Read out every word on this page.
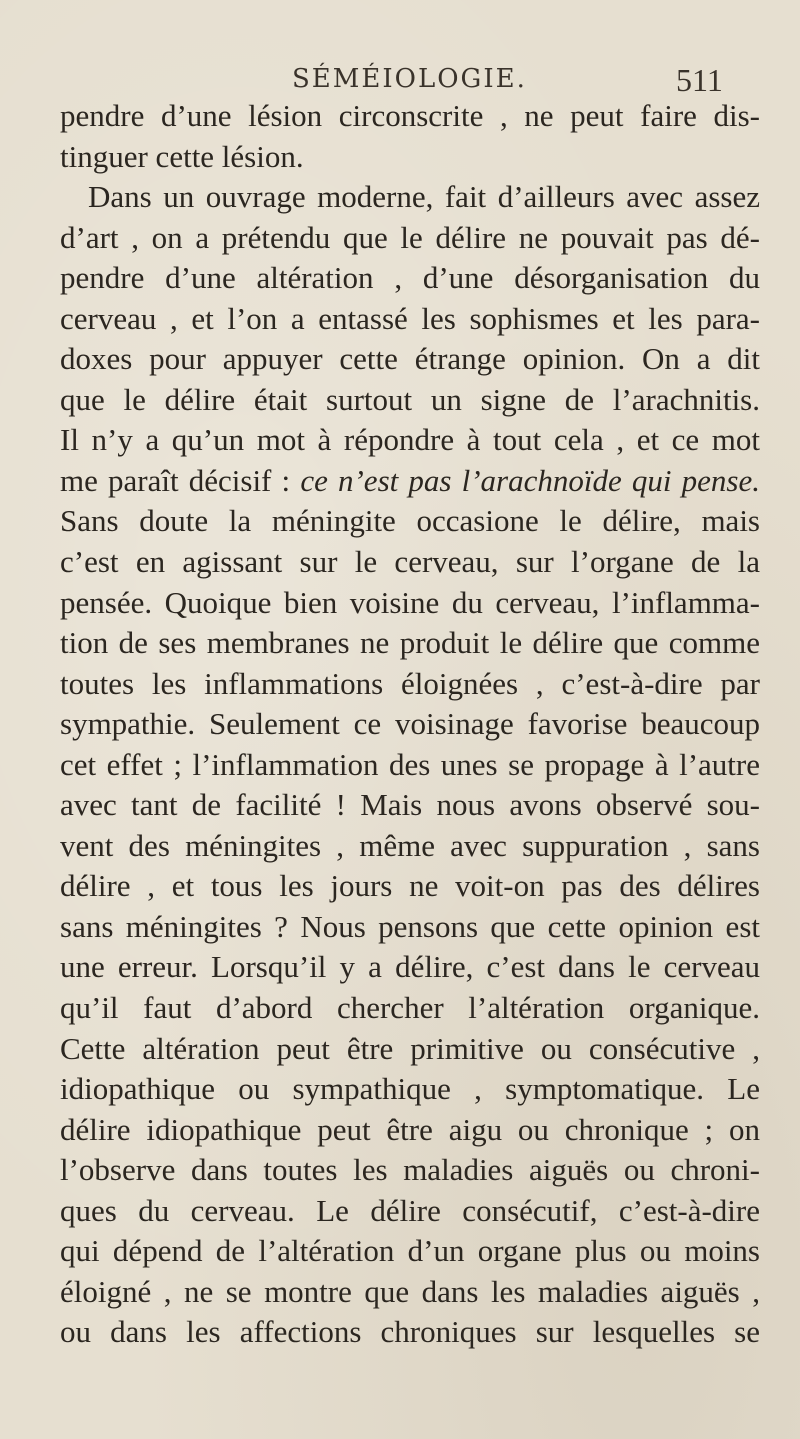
SÉMÉIOLOGIE.	511
pendre d’une lésion circonscrite , ne peut faire dis-
tinguer cette lésion.
Dans un ouvrage moderne, fait d’ailleurs avec assez
d’art , on a prétendu que le délire ne pouvait pas dé-
pendre d’une altération , d’une désorganisation du
cerveau , et l’on a entassé les sophismes et les para-
doxes pour appuyer cette étrange opinion. On a dit
que le délire était surtout un signe de l’arachnitis.
Il n’y a qu’un mot à répondre à tout cela , et ce mot
me paraît décisif : ce n’est pas l’arachnoïde qui pense.
Sans doute la méningite occasione le délire, mais
c’est en agissant sur le cerveau, sur l’organe de la
pensée. Quoique bien voisine du cerveau, l’inflamma-
tion de ses membranes ne produit le délire que comme
toutes les inflammations éloignées , c’est-à-dire par
sympathie. Seulement ce voisinage favorise beaucoup
cet effet ; l’inflammation des unes se propage à l’autre
avec tant de facilité ! Mais nous avons observé sou-
vent des méningites , même avec suppuration , sans
délire , et tous les jours ne voit-on pas des délires
sans méningites ? Nous pensons que cette opinion est
une erreur. Lorsqu’il y a délire, c’est dans le cerveau
qu’il faut d’abord chercher l’altération organique.
Cette altération peut être primitive ou consécutive ,
idiopathique ou sympathique , symptomatique. Le
délire idiopathique peut être aigu ou chronique ; on
l’observe dans toutes les maladies aiguës ou chroni-
ques du cerveau. Le délire consécutif, c’est-à-dire
qui dépend de l’altération d’un organe plus ou moins
éloigné , ne se montre que dans les maladies aiguës ,
ou dans les affections chroniques sur lesquelles se
